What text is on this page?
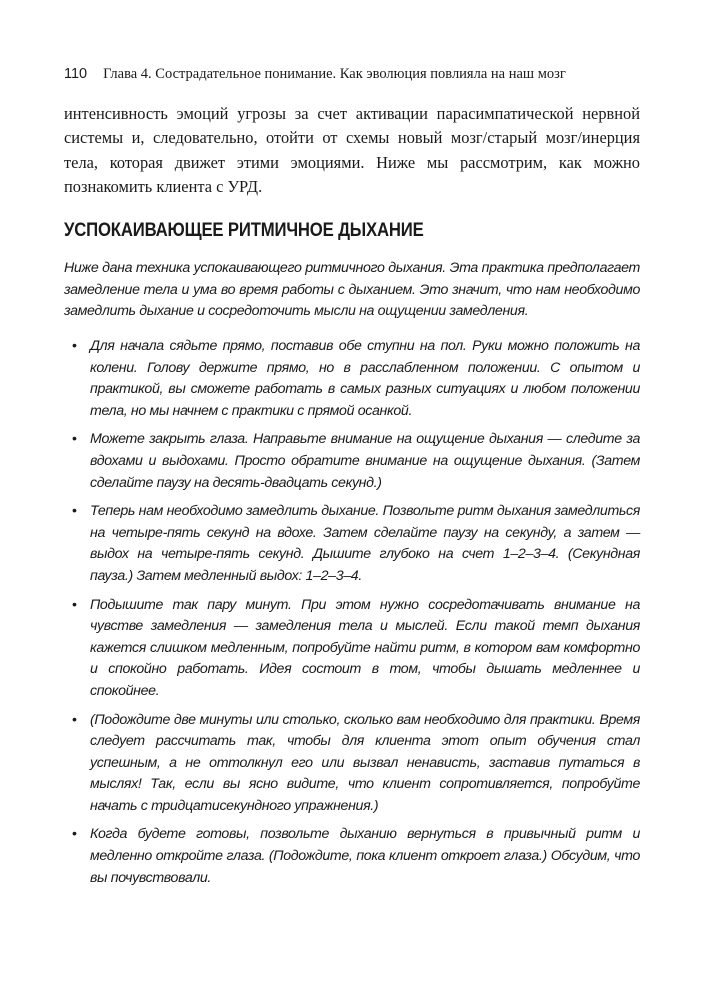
110 Глава 4. Сострадательное понимание. Как эволюция повлияла на наш мозг

интенсивность эмоций угрозы за счет активации парасимпатической нервной системы и, следовательно, отойти от схемы новый мозг/старый мозг/инерция тела, которая движет этими эмоциями. Ниже мы рассмотрим, как можно познакомить клиента с УРД.

УСПОКАИВАЮЩЕЕ РИТМИЧНОЕ ДЫХАНИЕ

Ниже дана техника успокаивающего ритмичного дыхания. Эта практика предполагает замедление тела и ума во время работы с дыханием. Это значит, что нам необходимо замедлить дыхание и сосредоточить мысли на ощущении замедления.

• Для начала сядьте прямо, поставив обе ступни на пол. Руки можно положить на колени. Голову держите прямо, но в расслабленном положении. С опытом и практикой, вы сможете работать в самых разных ситуациях и любом положении тела, но мы начнем с практики с прямой осанкой.
• Можете закрыть глаза. Направьте внимание на ощущение дыхания — следите за вдохами и выдохами. Просто обратите внимание на ощущение дыхания. (Затем сделайте паузу на десять-двадцать секунд.)
• Теперь нам необходимо замедлить дыхание. Позвольте ритм дыхания замедлиться на четыре-пять секунд на вдохе. Затем сделайте паузу на секунду, а затем — выдох на четыре-пять секунд. Дышите глубоко на счет 1–2–3–4. (Секундная пауза.) Затем медленный выдох: 1–2–3–4.
• Подышите так пару минут. При этом нужно сосредотачивать внимание на чувстве замедления — замедления тела и мыслей. Если такой темп дыхания кажется слишком медленным, попробуйте найти ритм, в котором вам комфортно и спокойно работать. Идея состоит в том, чтобы дышать медленнее и спокойнее.
• (Подождите две минуты или столько, сколько вам необходимо для практики. Время следует рассчитать так, чтобы для клиента этот опыт обучения стал успешным, а не оттолкнул его или вызвал ненависть, заставив путаться в мыслях! Так, если вы ясно видите, что клиент сопротивляется, попробуйте начать с тридцатисекундного упражнения.)
• Когда будете готовы, позвольте дыханию вернуться в привычный ритм и медленно откройте глаза. (Подождите, пока клиент откроет глаза.) Обсудим, что вы почувствовали.
